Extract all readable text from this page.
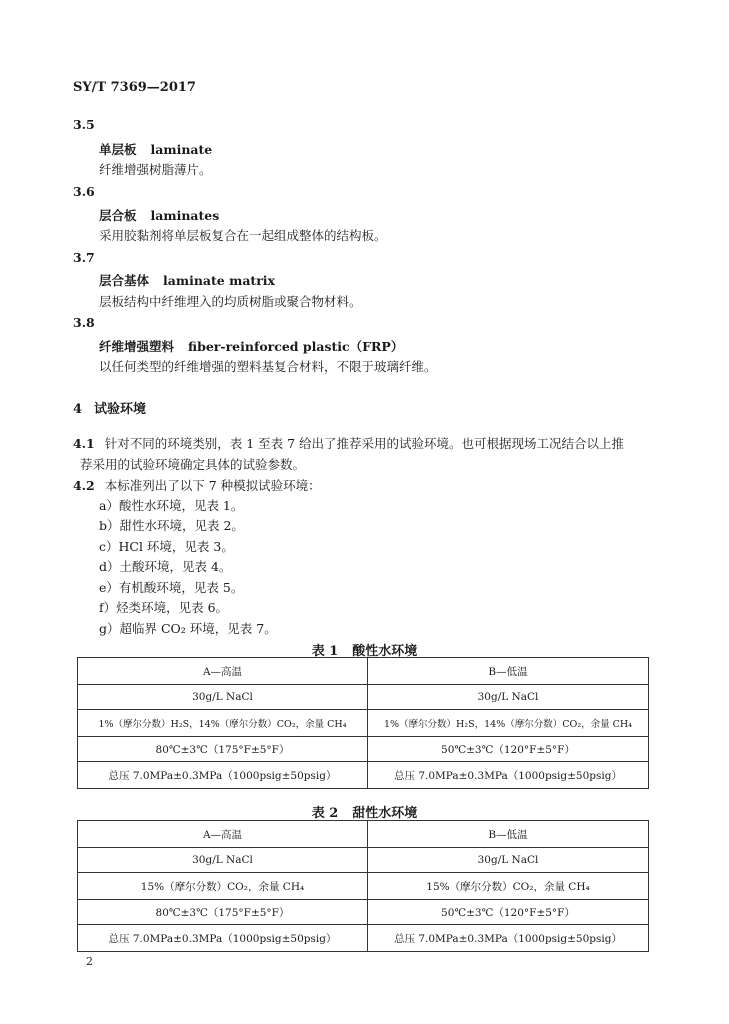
SY/T 7369—2017
3.5
单层板 laminate
纤维增强树脂薄片。
3.6
层合板 laminates
采用胶黏剂将单层板复合在一起组成整体的结构板。
3.7
层合基体 laminate matrix
层板结构中纤维埋入的均质树脂或聚合物材料。
3.8
纤维增强塑料 fiber-reinforced plastic（FRP）
以任何类型的纤维增强的塑料基复合材料，不限于玻璃纤维。
4 试验环境
4.1 针对不同的环境类别，表 1 至表 7 给出了推荐采用的试验环境。也可根据现场工况结合以上推
荐采用的试验环境确定具体的试验参数。
4.2 本标准列出了以下 7 种模拟试验环境：
a）酸性水环境，见表 1。
b）甜性水环境，见表 2。
c）HCl 环境，见表 3。
d）土酸环境，见表 4。
e）有机酸环境，见表 5。
f）烃类环境，见表 6。
g）超临界 CO₂ 环境，见表 7。
表 1 酸性水环境
A—高温	B—低温
30g/L NaCl	30g/L NaCl
1%（摩尔分数）H₂S，14%（摩尔分数）CO₂，余量 CH₄	1%（摩尔分数）H₂S，14%（摩尔分数）CO₂，余量 CH₄
80℃±3℃（175°F±5°F）	50℃±3℃（120°F±5°F）
总压 7.0MPa±0.3MPa（1000psig±50psig）	总压 7.0MPa±0.3MPa（1000psig±50psig）
表 2 甜性水环境
A—高温	B—低温
30g/L NaCl	30g/L NaCl
15%（摩尔分数）CO₂，余量 CH₄	15%（摩尔分数）CO₂，余量 CH₄
80℃±3℃（175°F±5°F）	50℃±3℃（120°F±5°F）
总压 7.0MPa±0.3MPa（1000psig±50psig）	总压 7.0MPa±0.3MPa（1000psig±50psig）
2
